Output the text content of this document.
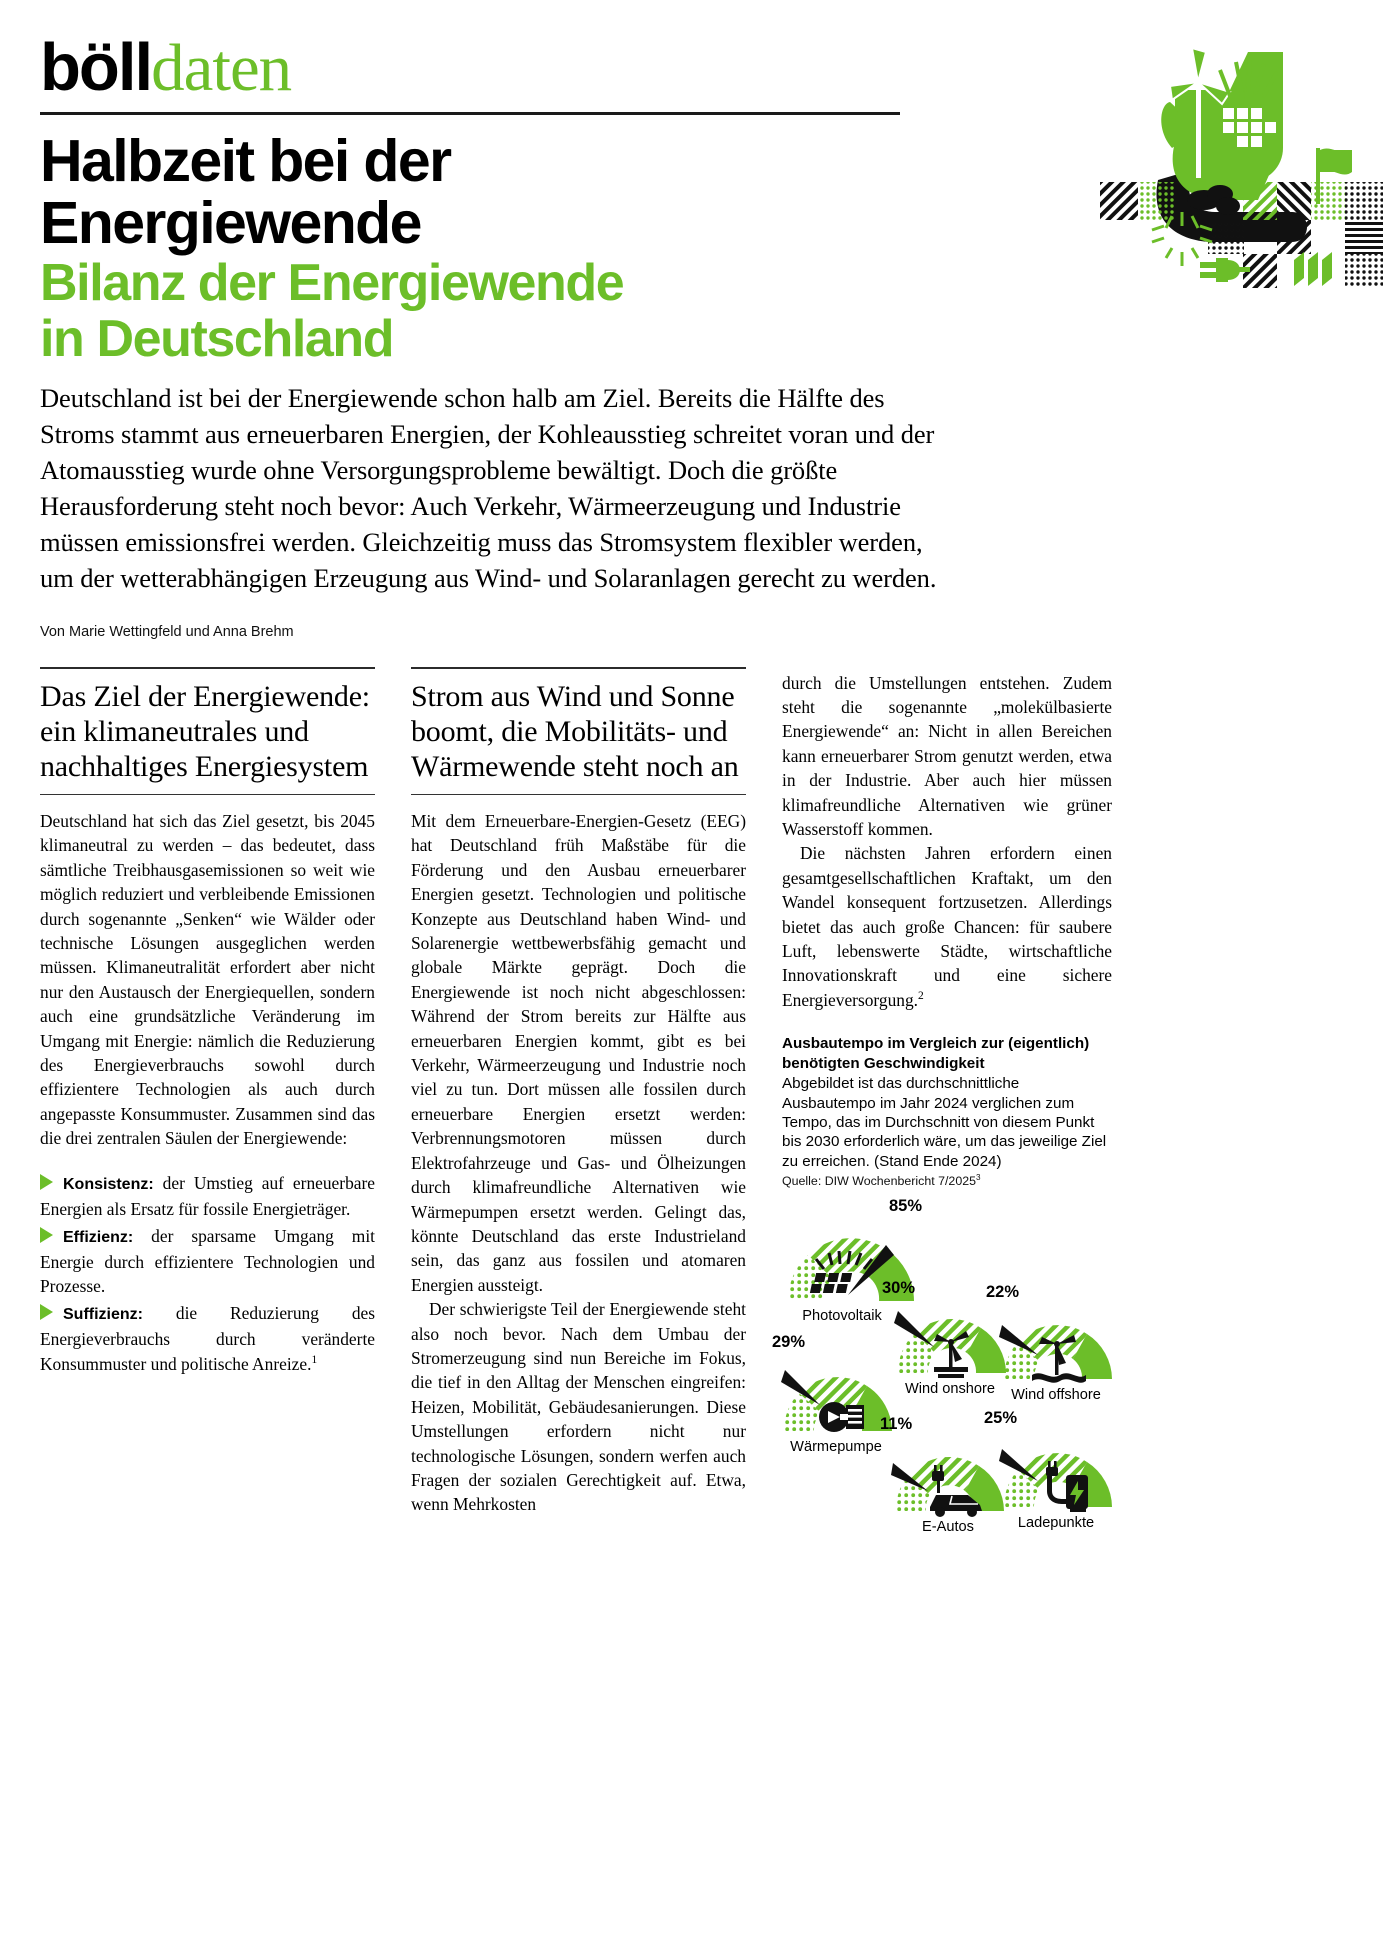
bölldaten
Halbzeit bei der
Energiewende
Bilanz der Energiewende
in Deutschland

Deutschland ist bei der Energiewende schon halb am Ziel. Bereits die Hälfte des Stroms stammt aus erneuerbaren Energien, der Kohleausstieg schreitet voran und der Atomausstieg wurde ohne Versorgungsprobleme bewältigt. Doch die größte Herausforderung steht noch bevor: Auch Verkehr, Wärmeerzeugung und Industrie müssen emissionsfrei werden. Gleichzeitig muss das Stromsystem flexibler werden, um der wetterabhängigen Erzeugung aus Wind- und Solaranlagen gerecht zu werden.

Von Marie Wettingfeld und Anna Brehm
Das Ziel der Energiewende: ein klimaneutrales und nachhaltiges Energiesystem

Deutschland hat sich das Ziel gesetzt, bis 2045 klimaneutral zu werden – das bedeutet, dass sämtliche Treibhausgasemissionen so weit wie möglich reduziert und verbleibende Emissionen durch sogenannte „Senken“ wie Wälder oder technische Lösungen ausgeglichen werden müssen. Klimaneutralität erfordert aber nicht nur den Austausch der Energiequellen, sondern auch eine grundsätzliche Veränderung im Umgang mit Energie: nämlich die Reduzierung des Energieverbrauchs sowohl durch effizientere Technologien als auch durch angepasste Konsummuster. Zusammen sind das die drei zentralen Säulen der Energiewende:

Konsistenz: der Umstieg auf erneuerbare Energien als Ersatz für fossile Energieträger.
Effizienz: der sparsame Umgang mit Energie durch effizientere Technologien und Prozesse.
Suffizienz: die Reduzierung des Energieverbrauchs durch veränderte Konsummuster und politische Anreize.$^1$
Strom aus Wind und Sonne boomt, die Mobilitäts- und Wärmewende steht noch an

Mit dem Erneuerbare-Energien-Gesetz (EEG) hat Deutschland früh Maßstäbe für die Förderung und den Ausbau erneuerbarer Energien gesetzt. Technologien und politische Konzepte aus Deutschland haben Wind- und Solarenergie wettbewerbsfähig gemacht und globale Märkte geprägt. Doch die Energiewende ist noch nicht abgeschlossen: Während der Strom bereits zur Hälfte aus erneuerbaren Energien kommt, gibt es bei Verkehr, Wärmeerzeugung und Industrie noch viel zu tun. Dort müssen alle fossilen durch erneuerbare Energien ersetzt werden: Verbrennungsmotoren müssen durch Elektrofahrzeuge und Gas- und Ölheizungen durch klimafreundliche Alternativen wie Wärmepumpen ersetzt werden. Gelingt das, könnte Deutschland das erste Industrieland sein, das ganz aus fossilen und atomaren Energien aussteigt.

Der schwierigste Teil der Energiewende steht also noch bevor. Nach dem Umbau der Stromerzeugung sind nun Bereiche im Fokus, die tief in den Alltag der Menschen eingreifen: Heizen, Mobilität, Gebäudesanierungen. Diese Umstellungen erfordern nicht nur technologische Lösungen, sondern werfen auch Fragen der sozialen Gerechtigkeit auf. Etwa, wenn Mehrkosten

durch die Umstellungen entstehen. Zudem steht die sogenannte „molekülbasierte Energiewende“ an: Nicht in allen Bereichen kann erneuerbarer Strom genutzt werden, etwa in der Industrie. Aber auch hier müssen klimafreundliche Alternativen wie grüner Wasserstoff kommen.

Die nächsten Jahren erfordern einen gesamtgesellschaftlichen Kraftakt, um den Wandel konsequent fortzusetzen. Allerdings bietet das auch große Chancen: für saubere Luft, lebenswerte Städte, wirtschaftliche Innovationskraft und eine sichere Energieversorgung.$^2$

Ausbautempo im Vergleich zur (eigentlich)
benötigten Geschwindigkeit
Abgebildet ist das durchschnittliche Ausbautempo im Jahr 2024 verglichen zum Tempo, das im Durchschnitt von diesem Punkt bis 2030 erforderlich wäre, um das jeweilige Ziel zu erreichen. (Stand Ende 2024)
Quelle: DIW Wochenbericht 7/2025$^3$
85%
Photovoltaik
30%
Wind onshore
22%
Wind offshore
29%
Wärmepumpe
11%
E-Autos
25%
Ladepunkte
